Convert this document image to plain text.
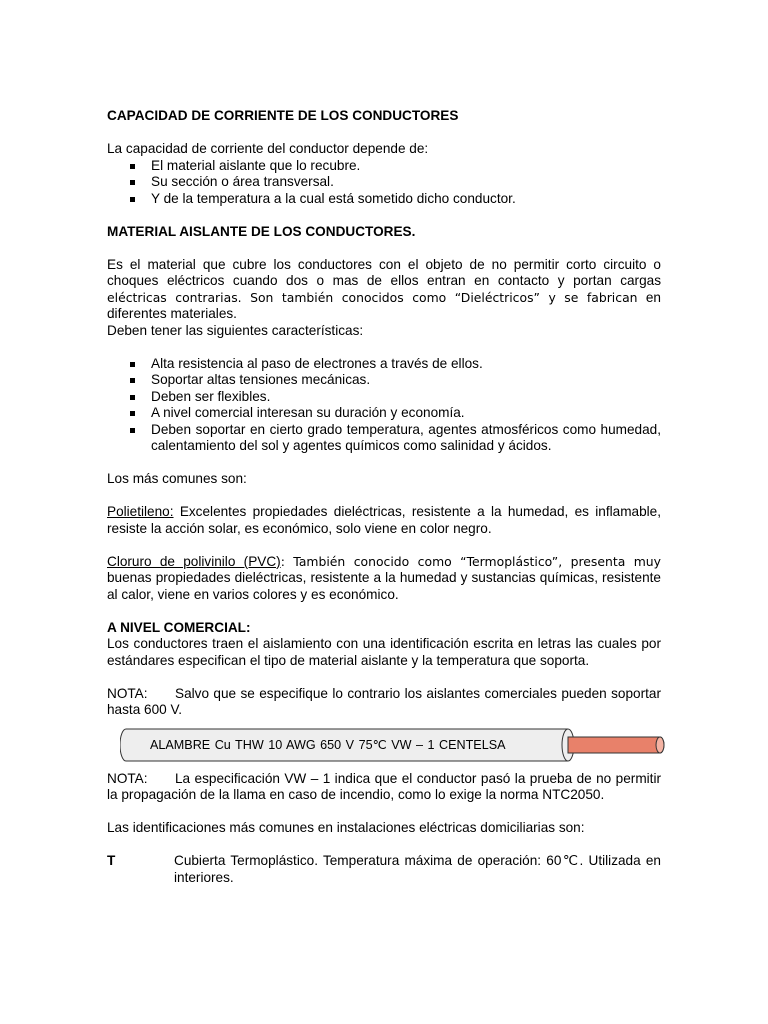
CAPACIDAD DE CORRIENTE DE LOS CONDUCTORES

La capacidad de corriente del conductor depende de:

El material aislante que lo recubre.
Su sección o área transversal.
Y de la temperatura a la cual está sometido dicho conductor.

MATERIAL AISLANTE DE LOS CONDUCTORES.

Es el material que cubre los conductores con el objeto de no permitir corto circuito o choques eléctricos cuando dos o mas de ellos entran en contacto y portan cargas eléctricas contrarias. Son también conocidos como “Dieléctricos” y se fabrican en diferentes materiales.

Deben tener las siguientes características:

Alta resistencia al paso de electrones a través de ellos.
Soportar altas tensiones mecánicas.
Deben ser flexibles.
A nivel comercial interesan su duración y economía.
Deben soportar en cierto grado temperatura, agentes atmosféricos como humedad, calentamiento del sol y agentes químicos como salinidad y ácidos.

Los más comunes son:

Polietileno: Excelentes propiedades dieléctricas, resistente a la humedad, es inflamable, resiste la acción solar, es económico, solo viene en color negro.

Cloruro de polivinilo (PVC): También conocido como “Termoplástico”, presenta muy buenas propiedades dieléctricas, resistente a la humedad y sustancias químicas, resistente al calor, viene en varios colores y es económico.

A NIVEL COMERCIAL:

Los conductores traen el aislamiento con una identificación escrita en letras las cuales por estándares especifican el tipo de material aislante y la temperatura que soporta.

NOTA: Salvo que se especifique lo contrario los aislantes comerciales pueden soportar hasta 600 V.

ALAMBRE Cu THW 10 AWG 650 V 75℃ VW – 1 CENTELSA

NOTA: La especificación VW – 1 indica que el conductor pasó la prueba de no permitir la propagación de la llama en caso de incendio, como lo exige la norma NTC2050.

Las identificaciones más comunes en instalaciones eléctricas domiciliarias son:

T	Cubierta Termoplástico. Temperatura máxima de operación: 60℃. Utilizada en interiores.
